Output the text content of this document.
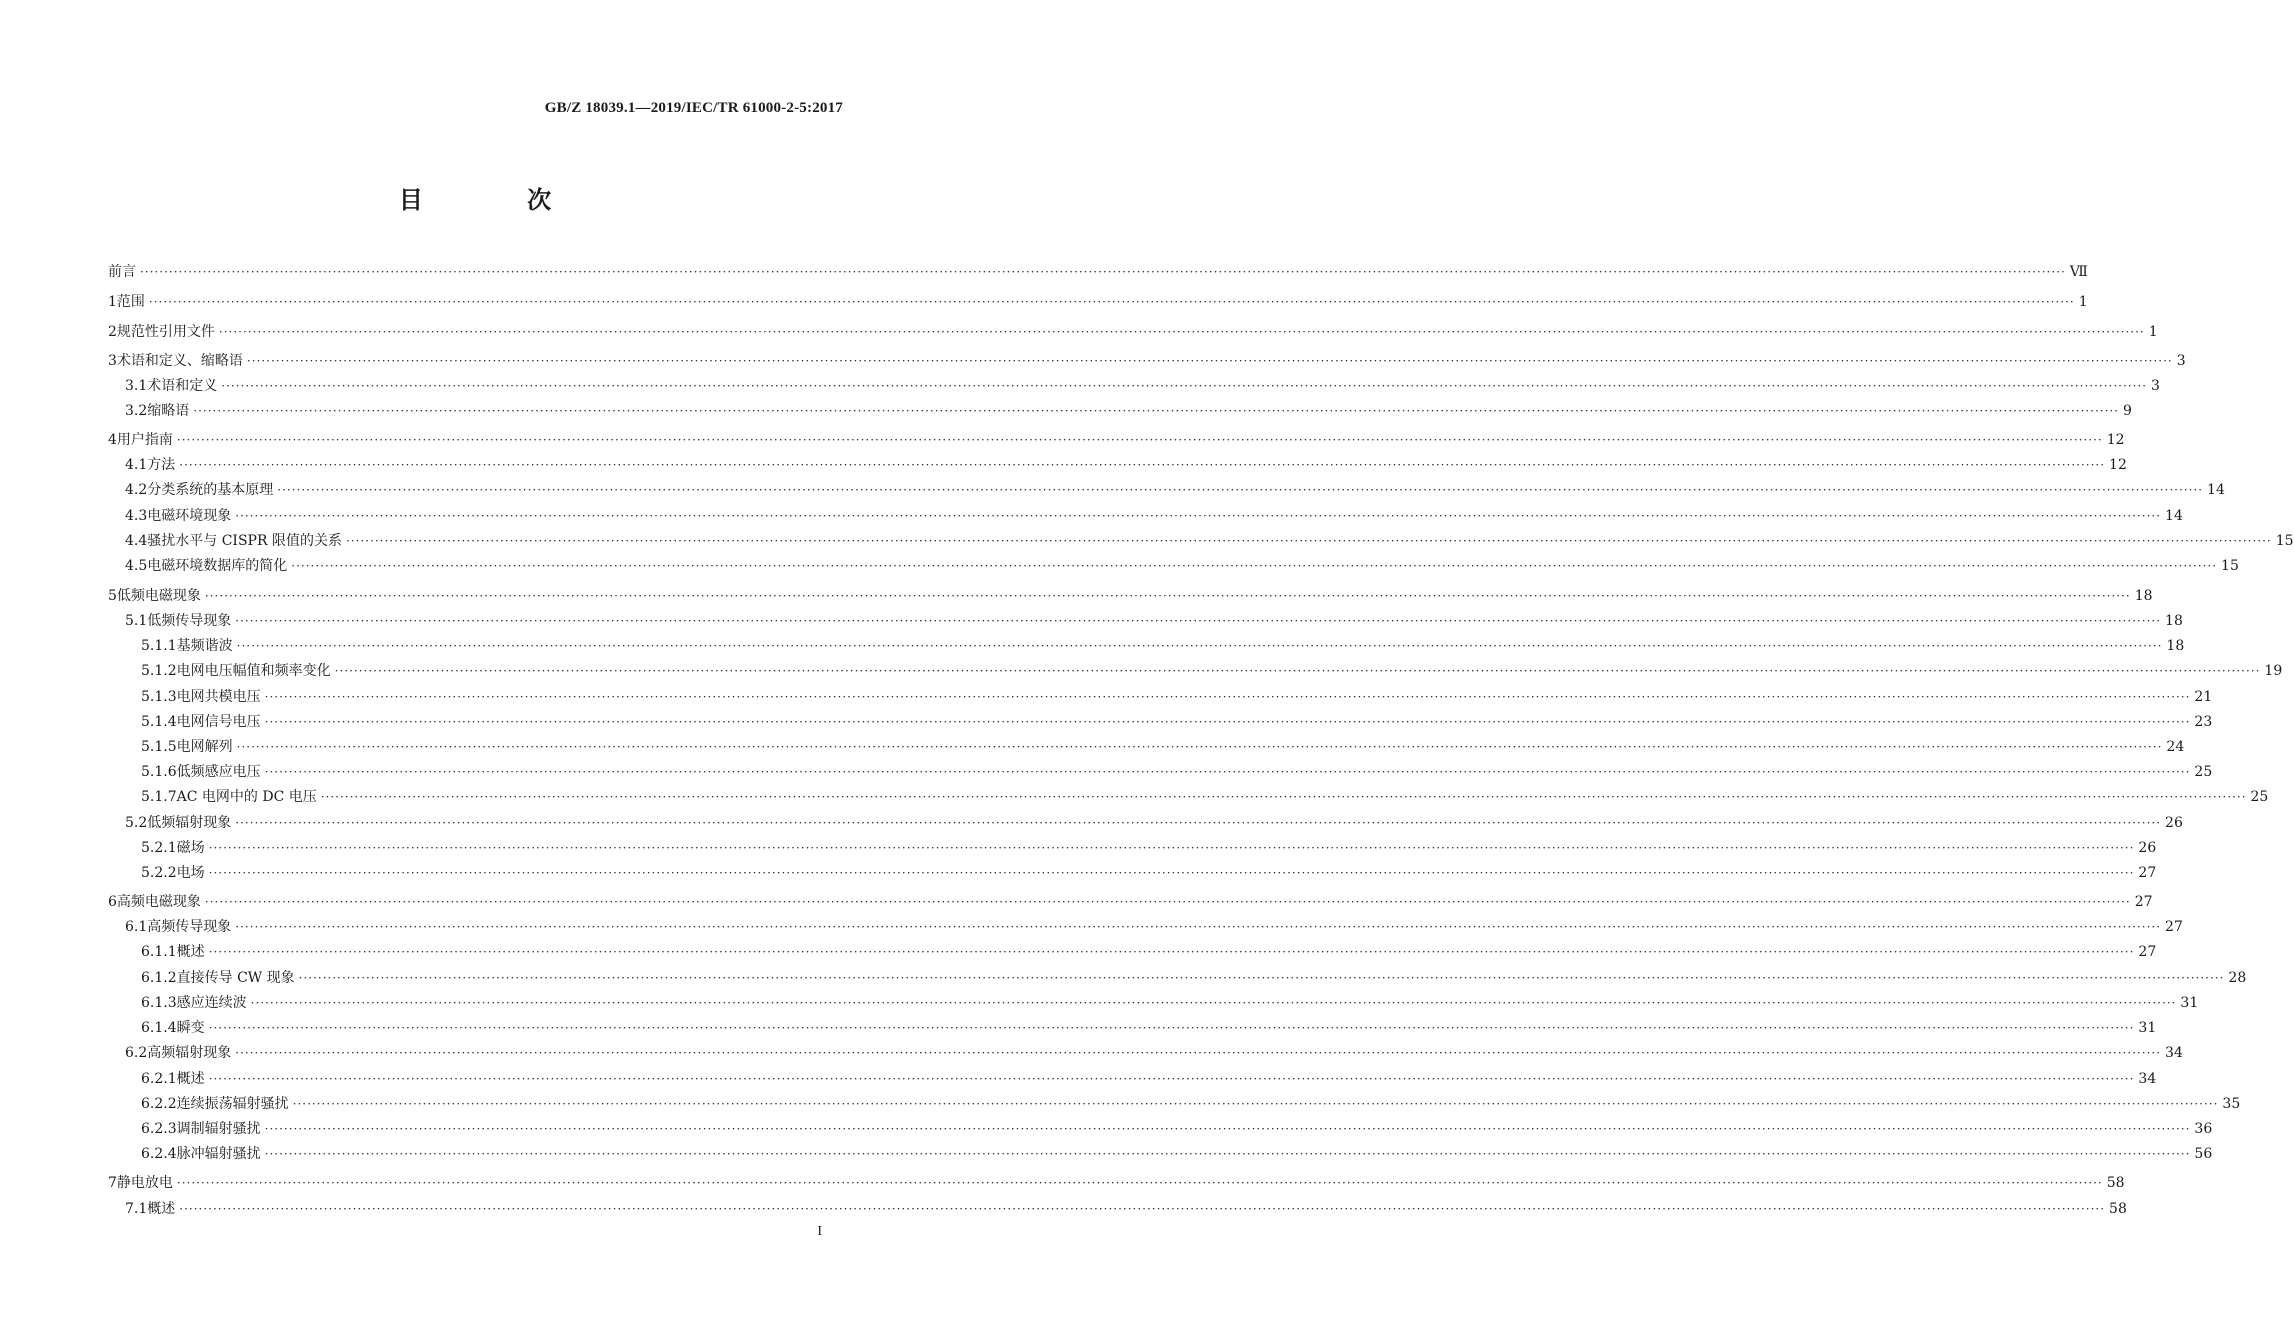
GB/Z 18039.1—2019/IEC/TR 61000-2-5:2017
目 次
前言 ················································································································································································································································································································································································································ Ⅶ
1 范围 ················································································································································································································································································································································································································ 1
2 规范性引用文件 ················································································································································································································································································································································································································ 1
3 术语和定义、缩略语 ················································································································································································································································································································································································································ 3
3.1 术语和定义 ················································································································································································································································································································································································································ 3
3.2 缩略语 ················································································································································································································································································································································································································ 9
4 用户指南 ················································································································································································································································································································································································································ 12
4.1 方法 ················································································································································································································································································································································································································ 12
4.2 分类系统的基本原理 ················································································································································································································································································································································································································ 14
4.3 电磁环境现象 ················································································································································································································································································································································································································ 14
4.4 骚扰水平与 CISPR 限值的关系 ················································································································································································································································································································································································································ 15
4.5 电磁环境数据库的简化 ················································································································································································································································································································································································································ 15
5 低频电磁现象 ················································································································································································································································································································································································································ 18
5.1 低频传导现象 ················································································································································································································································································································································································································ 18
5.1.1 基频谐波 ················································································································································································································································································································································································································ 18
5.1.2 电网电压幅值和频率变化 ················································································································································································································································································································································································································ 19
5.1.3 电网共模电压 ················································································································································································································································································································································································································ 21
5.1.4 电网信号电压 ················································································································································································································································································································································································································ 23
5.1.5 电网解列 ················································································································································································································································································································································································································ 24
5.1.6 低频感应电压 ················································································································································································································································································································································································································ 25
5.1.7 AC 电网中的 DC 电压 ················································································································································································································································································································································································································ 25
5.2 低频辐射现象 ················································································································································································································································································································································································································ 26
5.2.1 磁场 ················································································································································································································································································································································································································ 26
5.2.2 电场 ················································································································································································································································································································································································································ 27
6 高频电磁现象 ················································································································································································································································································································································································································ 27
6.1 高频传导现象 ················································································································································································································································································································································································································ 27
6.1.1 概述 ················································································································································································································································································································································································································ 27
6.1.2 直接传导 CW 现象 ················································································································································································································································································································································································································ 28
6.1.3 感应连续波 ················································································································································································································································································································································································································ 31
6.1.4 瞬变 ················································································································································································································································································································································································································ 31
6.2 高频辐射现象 ················································································································································································································································································································································································································ 34
6.2.1 概述 ················································································································································································································································································································································································································ 34
6.2.2 连续振荡辐射骚扰 ················································································································································································································································································································································································································ 35
6.2.3 调制辐射骚扰 ················································································································································································································································································································································································································ 36
6.2.4 脉冲辐射骚扰 ················································································································································································································································································································································································································ 56
7 静电放电 ················································································································································································································································································································································································································ 58
7.1 概述 ················································································································································································································································································································································································································ 58
I
